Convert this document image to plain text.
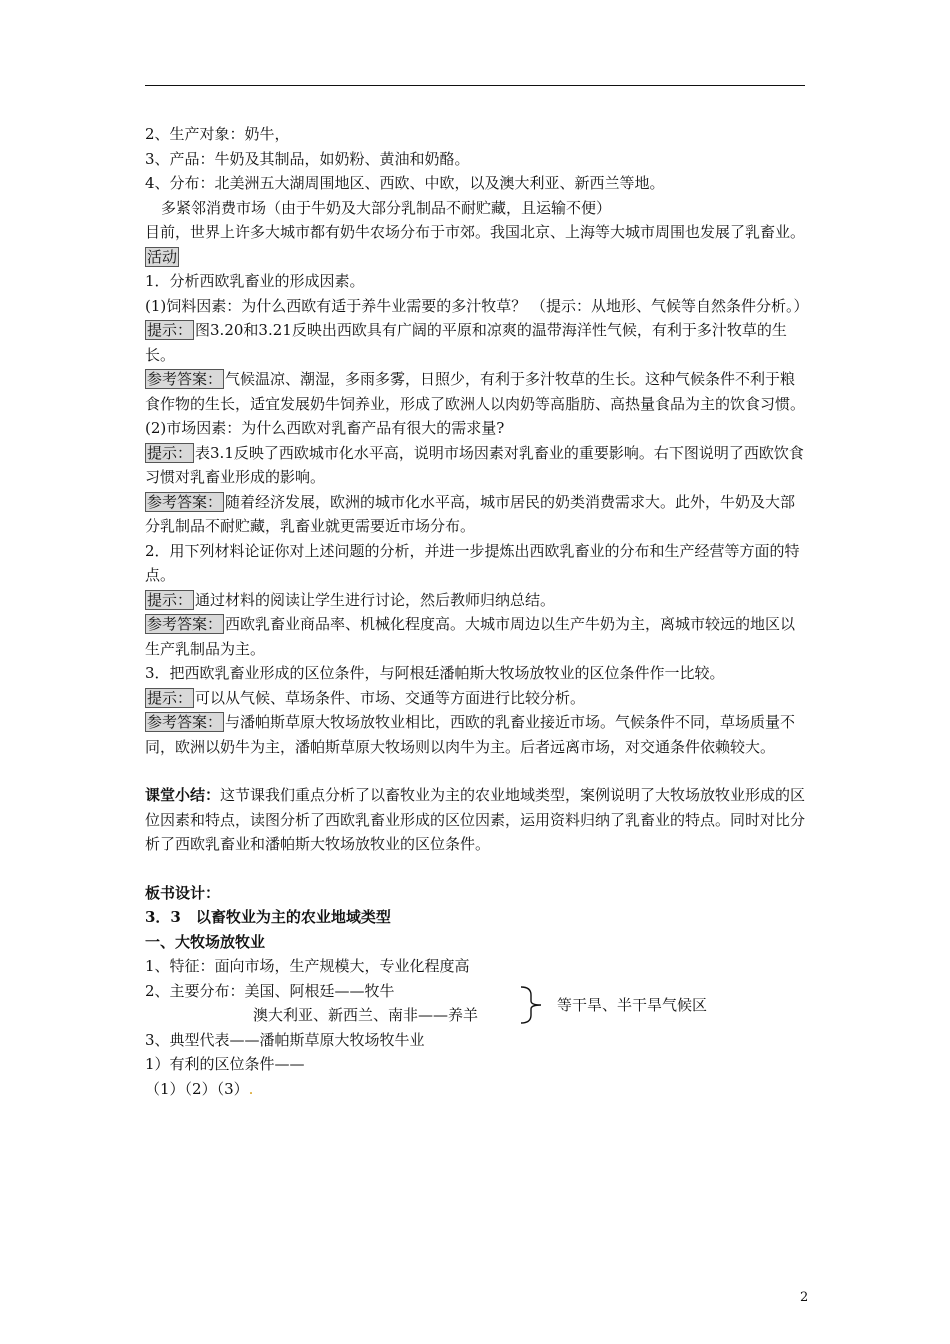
2、生产对象：奶牛，
3、产品：牛奶及其制品，如奶粉、黄油和奶酪。
4、分布：北美洲五大湖周围地区、西欧、中欧，以及澳大利亚、新西兰等地。
多紧邻消费市场（由于牛奶及大部分乳制品不耐贮藏，且运输不便）
目前，世界上许多大城市都有奶牛农场分布于市郊。我国北京、上海等大城市周围也发展了乳畜业。
活动
1．分析西欧乳畜业的形成因素。
(1)饲料因素：为什么西欧有适于养牛业需要的多汁牧草？ （提示：从地形、气候等自然条件分析。）
提示： 图3.20和3.21反映出西欧具有广阔的平原和凉爽的温带海洋性气候，有利于多汁牧草的生长。
参考答案： 气候温凉、潮湿，多雨多雾，日照少，有利于多汁牧草的生长。这种气候条件不利于粮食作物的生长，适宜发展奶牛饲养业，形成了欧洲人以肉奶等高脂肪、高热量食品为主的饮食习惯。
(2)市场因素：为什么西欧对乳畜产品有很大的需求量?
提示： 表3.1反映了西欧城市化水平高，说明市场因素对乳畜业的重要影响。右下图说明了西欧饮食习惯对乳畜业形成的影响。
参考答案： 随着经济发展，欧洲的城市化水平高，城市居民的奶类消费需求大。此外，牛奶及大部分乳制品不耐贮藏，乳畜业就更需要近市场分布。
2．用下列材料论证你对上述问题的分析，并进一步提炼出西欧乳畜业的分布和生产经营等方面的特点。
提示： 通过材料的阅读让学生进行讨论，然后教师归纳总结。
参考答案： 西欧乳畜业商品率、机械化程度高。大城市周边以生产牛奶为主，离城市较远的地区以生产乳制品为主。
3．把西欧乳畜业形成的区位条件，与阿根廷潘帕斯大牧场放牧业的区位条件作一比较。
提示： 可以从气候、草场条件、市场、交通等方面进行比较分析。
参考答案： 与潘帕斯草原大牧场放牧业相比，西欧的乳畜业接近市场。气候条件不同，草场质量不同，欧洲以奶牛为主，潘帕斯草原大牧场则以肉牛为主。后者远离市场，对交通条件依赖较大。
课堂小结：这节课我们重点分析了以畜牧业为主的农业地域类型，案例说明了大牧场放牧业形成的区位因素和特点，读图分析了西欧乳畜业形成的区位因素，运用资料归纳了乳畜业的特点。同时对比分析了西欧乳畜业和潘帕斯大牧场放牧业的区位条件。
板书设计：
3．3　以畜牧业为主的农业地域类型
一、大牧场放牧业
1、特征：面向市场，生产规模大，专业化程度高
2、主要分布：美国、阿根廷——牧牛
澳大利亚、新西兰、南非——养羊
等干旱、半干旱气候区
3、典型代表——潘帕斯草原大牧场牧牛业
1）有利的区位条件——
（1）（2）（3）.
2
